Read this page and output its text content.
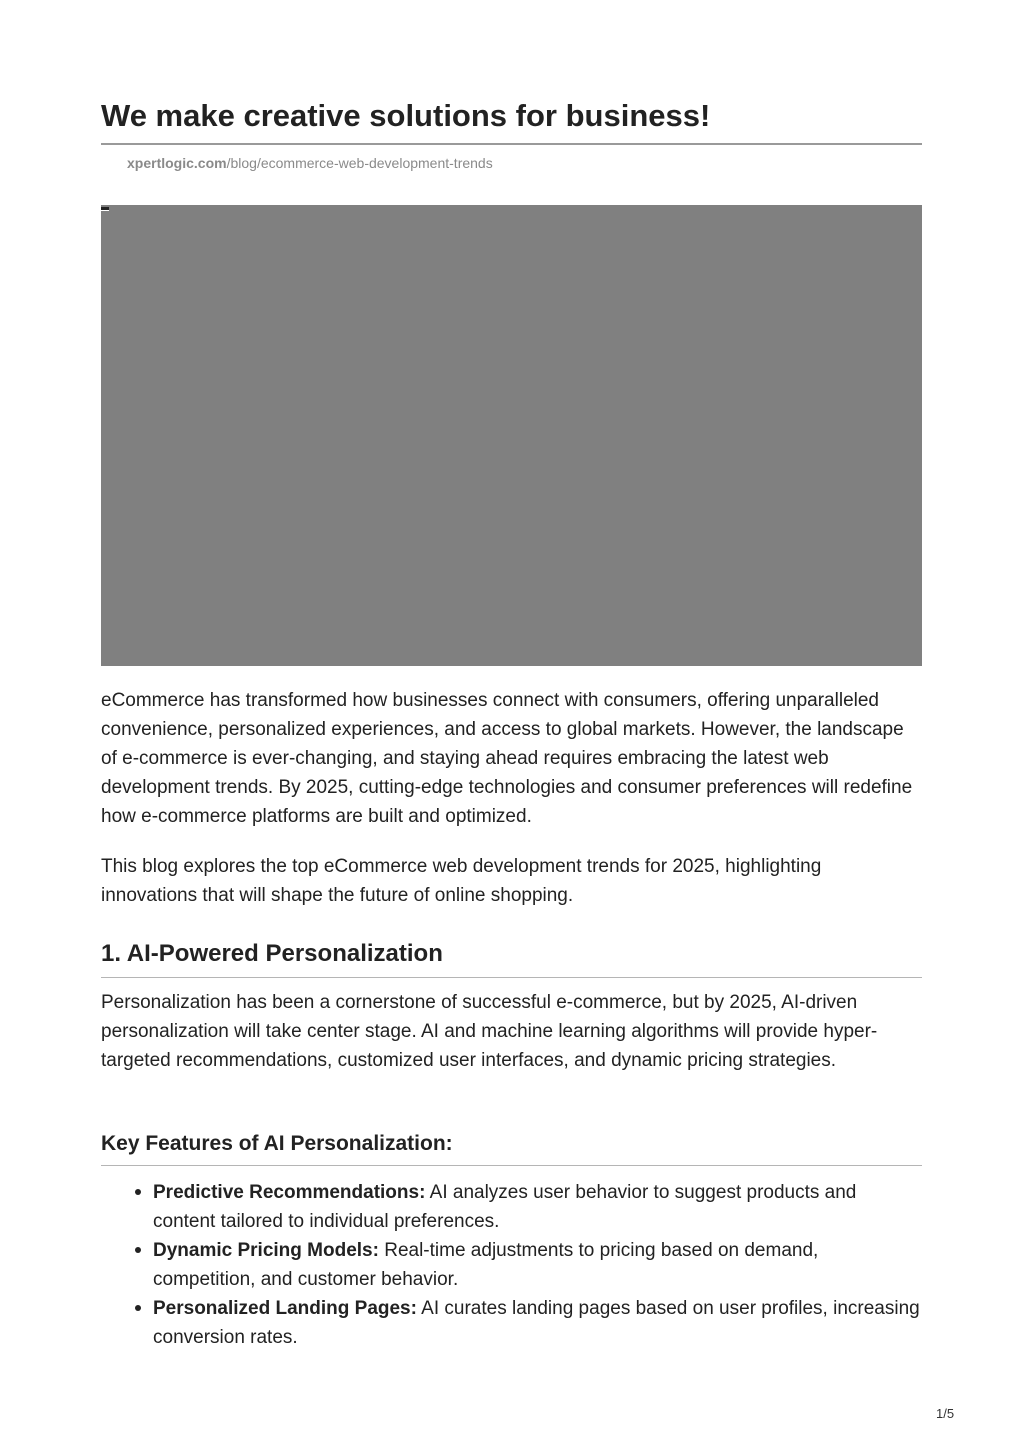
We make creative solutions for business!
xpertlogic.com/blog/ecommerce-web-development-trends

eCommerce has transformed how businesses connect with consumers, offering unparalleled convenience, personalized experiences, and access to global markets. However, the landscape of e-commerce is ever-changing, and staying ahead requires embracing the latest web development trends. By 2025, cutting-edge technologies and consumer preferences will redefine how e-commerce platforms are built and optimized.

This blog explores the top eCommerce web development trends for 2025, highlighting innovations that will shape the future of online shopping.

1. AI-Powered Personalization

Personalization has been a cornerstone of successful e-commerce, but by 2025, AI-driven personalization will take center stage. AI and machine learning algorithms will provide hyper-targeted recommendations, customized user interfaces, and dynamic pricing strategies.

Key Features of AI Personalization:
Predictive Recommendations: AI analyzes user behavior to suggest products and content tailored to individual preferences.
Dynamic Pricing Models: Real-time adjustments to pricing based on demand, competition, and customer behavior.
Personalized Landing Pages: AI curates landing pages based on user profiles, increasing conversion rates.
1/5
